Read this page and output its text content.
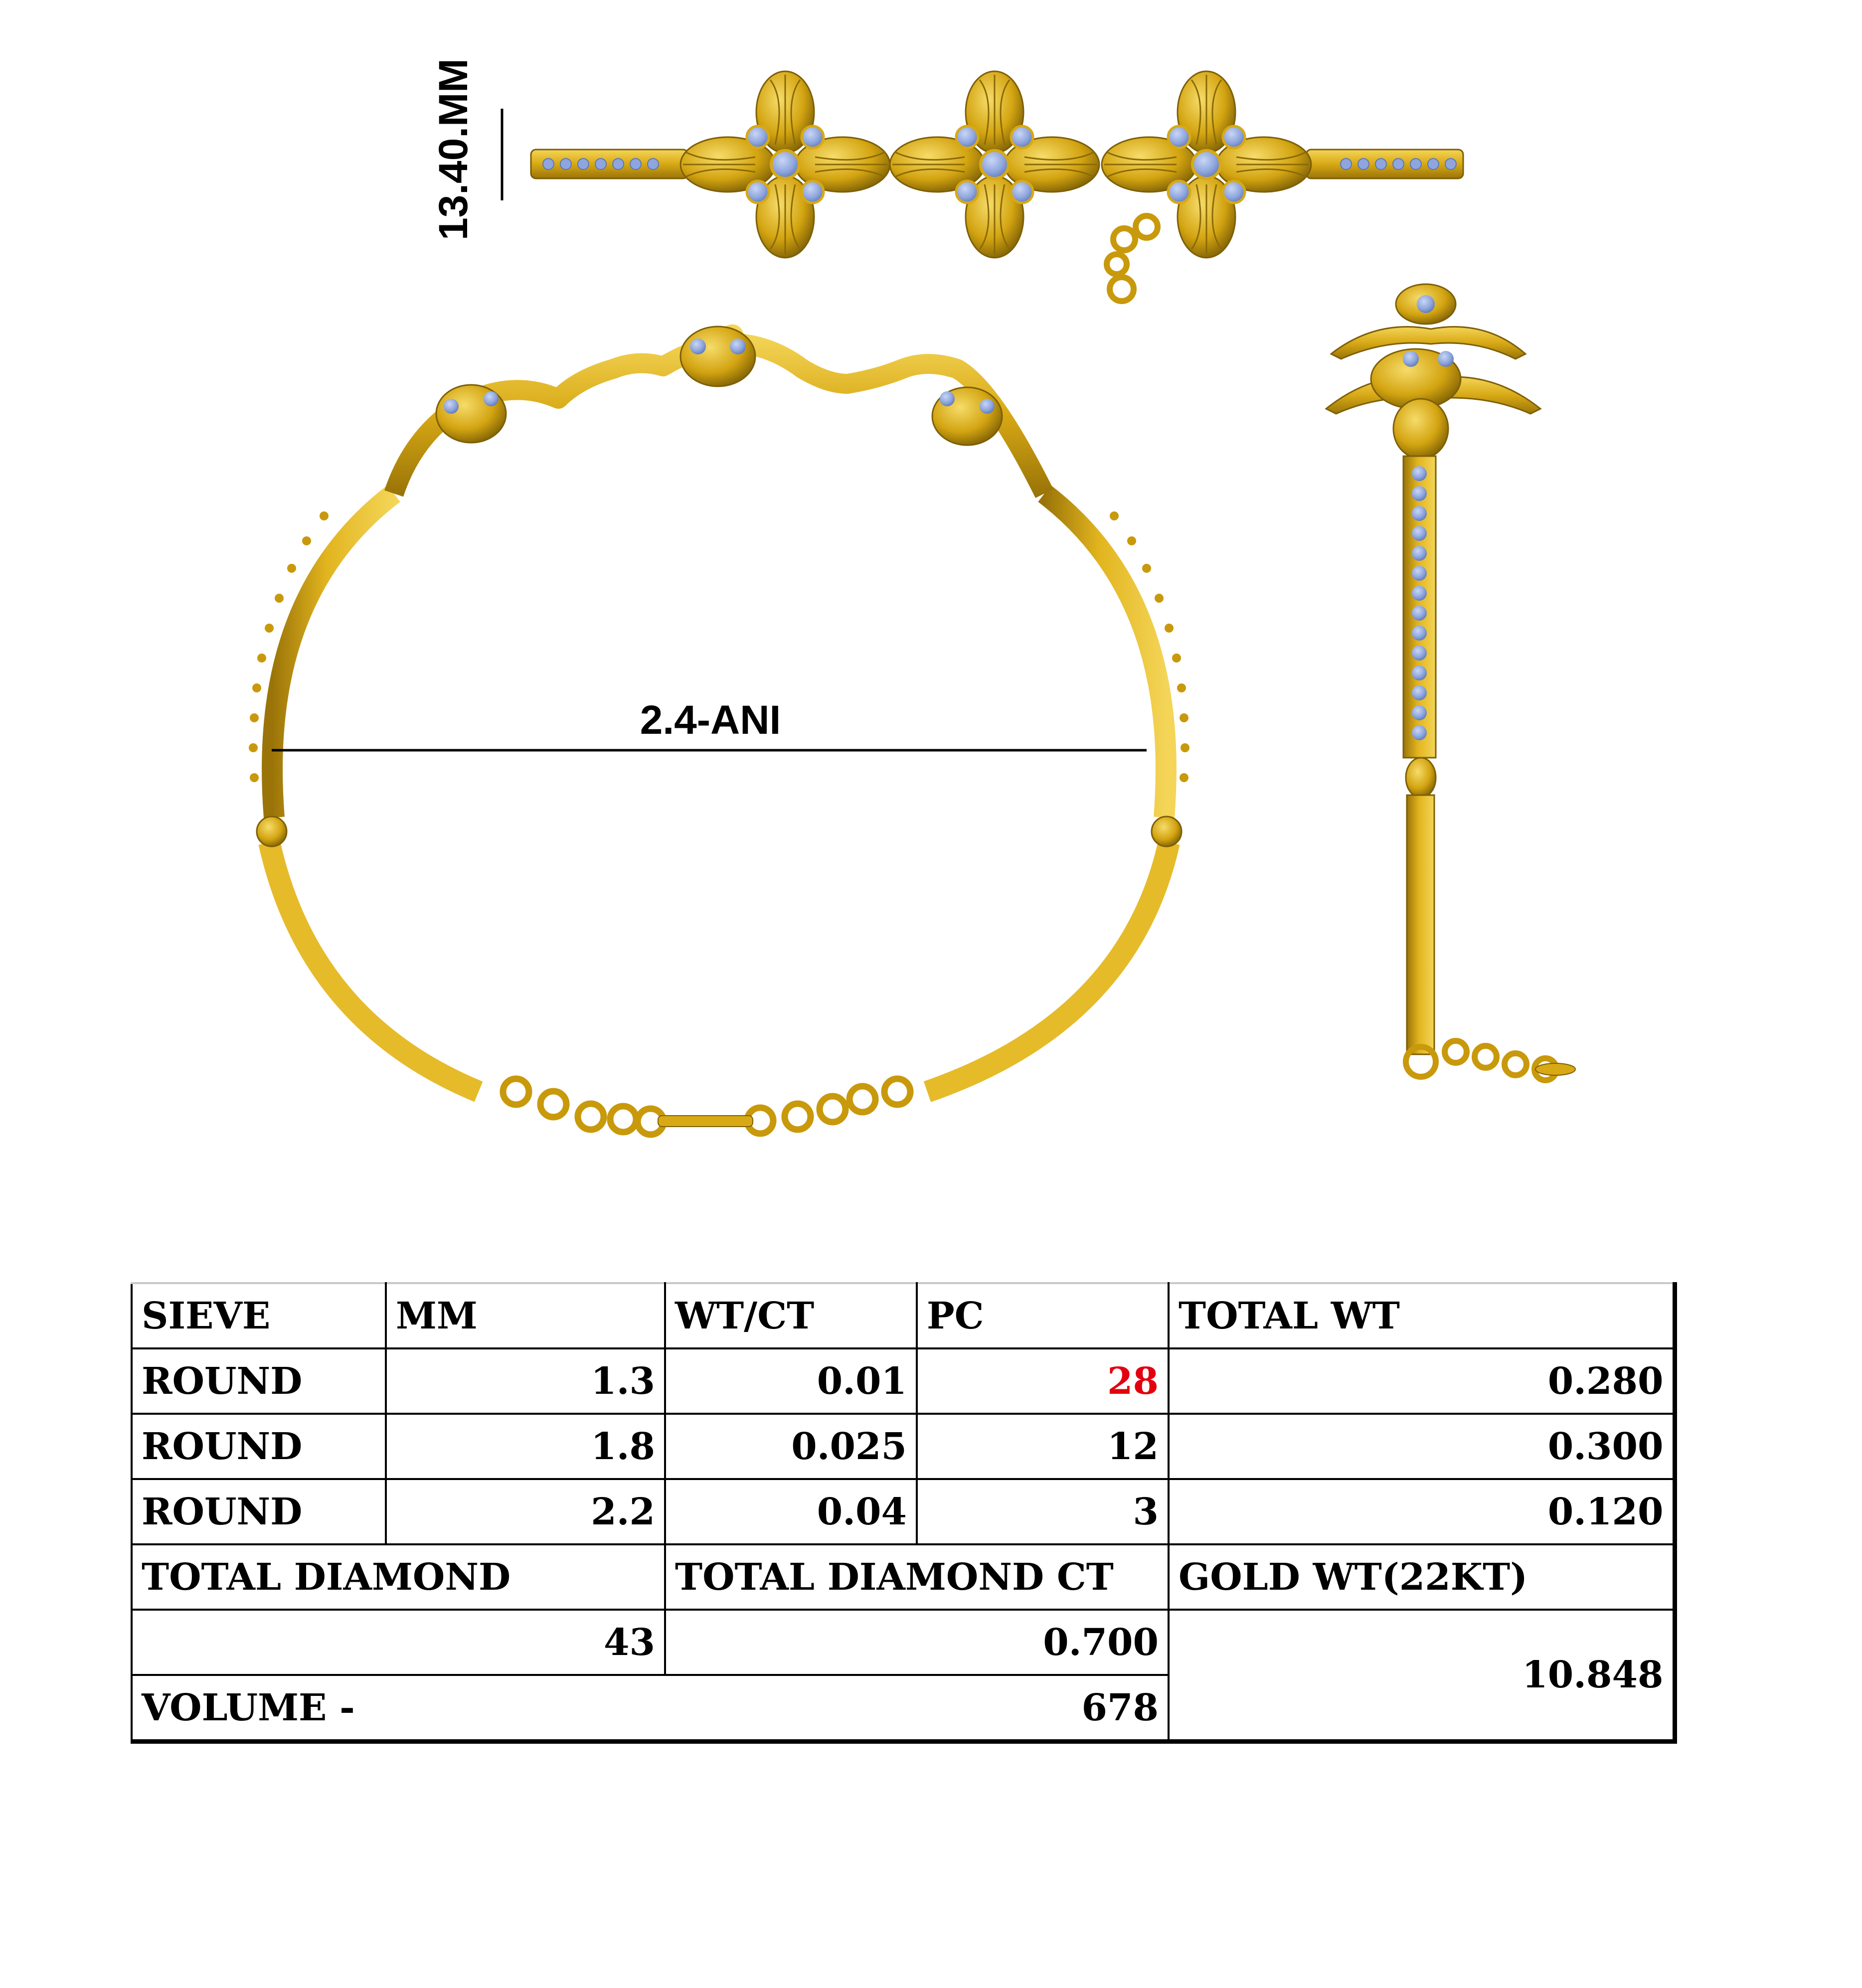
13.40.MM
2.4-ANI
SIEVE	MM	WT/CT	PC	TOTAL WT
ROUND	1.3	0.01	28	0.280
ROUND	1.8	0.025	12	0.300
ROUND	2.2	0.04	3	0.120
TOTAL DIAMOND		TOTAL DIAMOND CT		GOLD WT(22KT)
43		0.700		10.848
VOLUME -		678		
